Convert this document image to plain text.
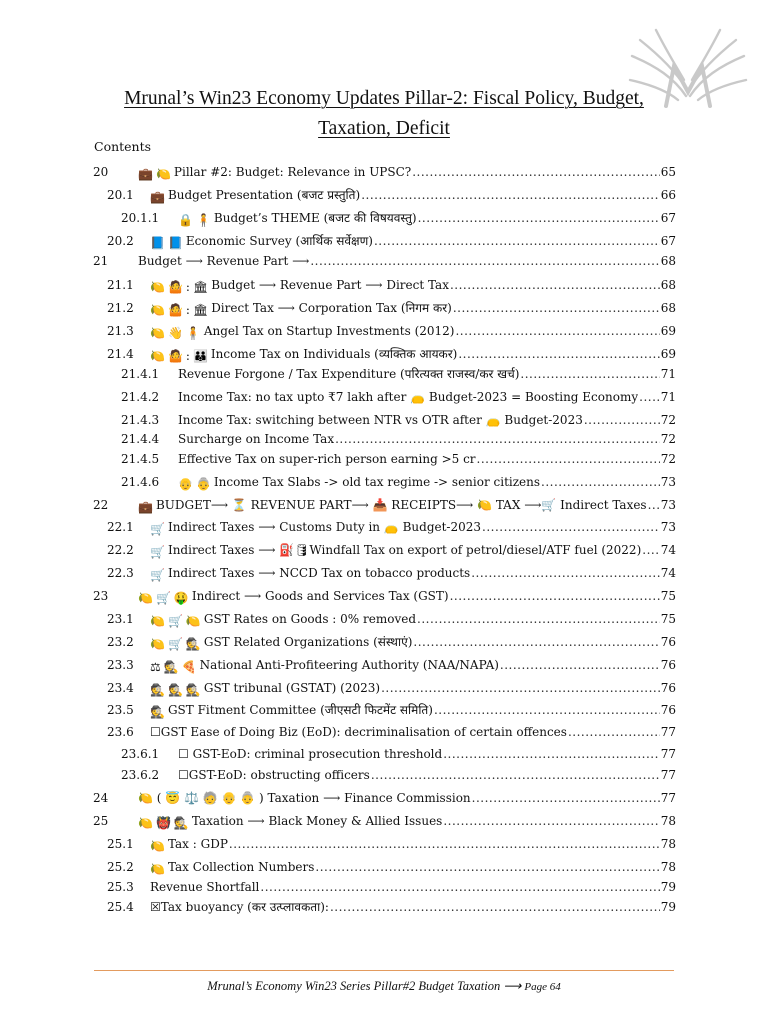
Mrunal’s Win23 Economy Updates Pillar-2: Fiscal Policy, Budget,
Taxation, Deficit
Contents
20 💼 🍋 Pillar #2: Budget: Relevance in UPSC? .....	65
20.1 💼 Budget Presentation (बजट प्रस्तुति) .....	66
20.1.1 🔒 🧍 Budget’s THEME (बजट की विषयवस्तु) .....	67
20.2 📘 📘 Economic Survey (आर्थिक सर्वेक्षण) .....	67
21 Budget ⟶ Revenue Part ⟶ .....	68
21.1 🍋 🤷 : 🏛 Budget ⟶ Revenue Part ⟶ Direct Tax .....	68
21.2 🍋 🤷 : 🏛 Direct Tax ⟶ Corporation Tax (निगम कर) .....	68
21.3 🍋 👋 🧍 Angel Tax on Startup Investments (2012) .....	69
21.4 🍋 🤷 : 👪 Income Tax on Individuals (व्यक्तिक आयकर) .....	69
21.4.1 Revenue Forgone / Tax Expenditure (परित्यक्त राजस्व/कर खर्च) .....	71
21.4.2 Income Tax: no tax upto ₹7 lakh after 👝 Budget-2023 = Boosting Economy ..... 71
21.4.3 Income Tax: switching between NTR vs OTR after 👝 Budget-2023 .....	72
21.4.4 Surcharge on Income Tax .....	72
21.4.5 Effective Tax on super-rich person earning >5 cr .....	72
21.4.6 👴 👵 Income Tax Slabs -> old tax regime -> senior citizens .....	73
22 💼 BUDGET⟶ ⏳ REVENUE PART⟶ 📥 RECEIPTS⟶ 🍋 TAX ⟶🛒 Indirect Taxes ..... 73
22.1 🛒 Indirect Taxes ⟶ Customs Duty in 👝 Budget-2023 .....	73
22.2 🛒 Indirect Taxes ⟶ ⛽🛢Windfall Tax on export of petrol/diesel/ATF fuel (2022) ..... 74
22.3 🛒 Indirect Taxes ⟶ NCCD Tax on tobacco products .....	74
23 🍋 🛒 🤑 Indirect ⟶ Goods and Services Tax (GST) .....	75
23.1 🍋 🛒 🍋 GST Rates on Goods : 0% removed .....	75
23.2 🍋 🛒 🕵 GST Related Organizations (संस्थाएं) .....	76
23.3 ⚖ 🕵 🍕 National Anti-Profiteering Authority (NAA/NAPA) .....	76
23.4 🕵 🕵 🕵 GST tribunal (GSTAT) (2023) .....	76
23.5 🕵 GST Fitment Committee (जीएसटी फिटमेंट समिति) .....	76
23.6 ☐GST Ease of Doing Biz (EoD): decriminalisation of certain offences .....	77
23.6.1 ☐ GST-EoD: criminal prosecution threshold .....	77
23.6.2 ☐GST-EoD: obstructing officers .....	77
24 🍋 ( 😇 ⚖️ 🧓 👴 👵 ) Taxation ⟶ Finance Commission .....	77
25 🍋 👹 🕵 Taxation ⟶ Black Money & Allied Issues .....	78
25.1 🍋 Tax : GDP .....	78
25.2 🍋 Tax Collection Numbers .....	78
25.3 Revenue Shortfall .....	79
25.4 ☒Tax buoyancy (कर उत्प्लावकता): .....	79
Mrunal’s Economy Win23 Series Pillar#2 Budget Taxation ⟶ Page 64
